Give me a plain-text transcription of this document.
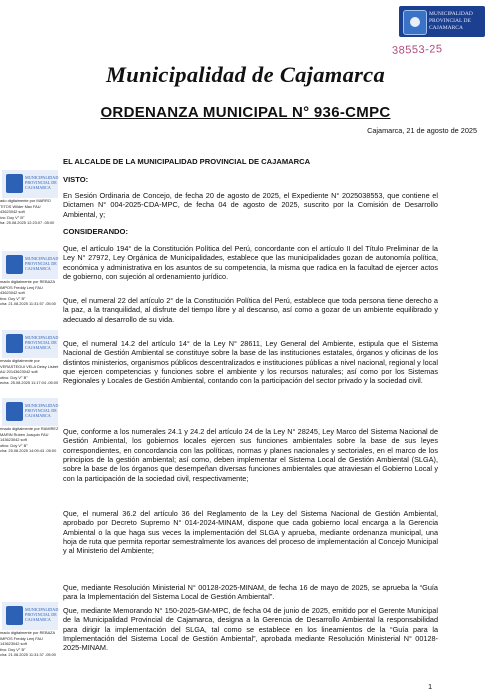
MUNICIPALIDAD PROVINCIAL DE CAJAMARCA
38553-25
Municipalidad de Cajamarca
ORDENANZA MUNICIPAL N° 936-CMPC
Cajamarca, 21 de agosto de 2025
EL ALCALDE DE LA MUNICIPALIDAD PROVINCIAL DE CAJAMARCA
VISTO:

En Sesión Ordinaria de Concejo, de fecha 20 de agosto de 2025, el Expediente N° 2025038553, que contiene el Dictamen N° 004-2025-CDA-MPC, de fecha 04 de agosto de 2025, suscrito por la Comisión de Desarrollo Ambiental, y;

CONSIDERANDO:

Que, el artículo 194° de la Constitución Política del Perú, concordante con el artículo II del Título Preliminar de la Ley N° 27972, Ley Orgánica de Municipalidades, establece que las municipalidades gozan de autonomía política, económica y administrativa en los asuntos de su competencia, la misma que radica en la facultad de ejercer actos de gobierno, con sujeción al ordenamiento jurídico.

Que, el numeral 22 del artículo 2° de la Constitución Política del Perú, establece que toda persona tiene derecho a la paz, a la tranquilidad, al disfrute del tiempo libre y al descanso, así como a gozar de un ambiente equilibrado y adecuado al desarrollo de su vida.

Que, el numeral 14.2 del artículo 14° de la Ley N° 28611, Ley General del Ambiente, estipula que el Sistema Nacional de Gestión Ambiental se constituye sobre la base de las instituciones estatales, órganos y oficinas de los distintos ministerios, organismos públicos descentralizados e instituciones públicas a nivel nacional, regional y local que ejercen competencias y funciones sobre el ambiente y los recursos naturales; así como por los Sistemas Regionales y Locales de Gestión Ambiental, contando con la participación del sector privado y la sociedad civil.

Que, conforme a los numerales 24.1 y 24.2 del artículo 24 de la Ley N° 28245, Ley Marco del Sistema Nacional de Gestión Ambiental, los gobiernos locales ejercen sus funciones ambientales sobre la base de sus leyes correspondientes, en concordancia con las políticas, normas y planes nacionales y sectoriales, en el marco de los principios de la gestión ambiental; así como, deben implementar el Sistema Local de Gestión Ambiental (SLGA), sobre la base de los órganos que desempeñan diversas funciones ambientales que atraviesan el Gobierno Local y con la participación de la sociedad civil, respectivamente;

Que, el numeral 36.2 del artículo 36 del Reglamento de la Ley del Sistema Nacional de Gestión Ambiental, aprobado por Decreto Supremo N° 014-2024-MINAM, dispone que cada gobierno local encarga a la Gerencia Ambiental o la que haga sus veces la implementación del SLGA y aprueba, mediante ordenanza municipal, una hoja de ruta que permita reportar semestralmente los avances del proceso de implementación al Concejo Municipal y al Ministerio del Ambiente;

Que, mediante Resolución Ministerial N° 00128-2025-MINAM, de fecha 16 de mayo de 2025, se aprueba la “Guía para la Implementación del Sistema Local de Gestión Ambiental”.

Que, mediante Memorando N° 150-2025-GM-MPC, de fecha 04 de junio de 2025, emitido por el Gerente Municipal de la Municipalidad Provincial de Cajamarca, designa a la Gerencia de Desarrollo Ambiental la responsabilidad para dirigir la implementación del SLGA, tal como se establece en los lineamientos de la “Guía para la Implementación del Sistema Local de Gestión Ambiental”, aprobada mediante Resolución Ministerial N° 00128-2025-MINAM.

MUNICIPALIDAD PROVINCIAL DE CAJAMARCA
ado digitalmente por MARRO
TITOS Wilder Max FAU
43623042 soft
ivo: Doy V° B°
ha: 25.08.2025 12:23:07 -05:00
MUNICIPALIDAD PROVINCIAL DE CAJAMARCA
mado digitalmente por REBAZA
IMPOS Freddy Lenj FAU
43623042 soft
tivo: Doy V° B°
cha: 21.08.2025 11:31:57 -05:00
MUNICIPALIDAD PROVINCIAL DE CAJAMARCA
rmado digitalmente por
VERASTEGUI VELA Deisy Lisbet
AU 20143623042 soft
otivo: Doy V° B°
echa: 25.08.2025 11:17:04 -05:00
MUNICIPALIDAD PROVINCIAL DE CAJAMARCA
rmado digitalmente por RAMIREZ
MARIN Ruben Joaquin FAU
143623042 soft
otivo: Doy V° B°
cha: 25.08.2025 14:09:43 -05:00
MUNICIPALIDAD PROVINCIAL DE CAJAMARCA
mado digitalmente por REBAZA
IMPOS Freddy Lenj FAU
143623042 soft
tivo: Doy V° B°
cha: 21.08.2025 11:31:37 -05:00
1
